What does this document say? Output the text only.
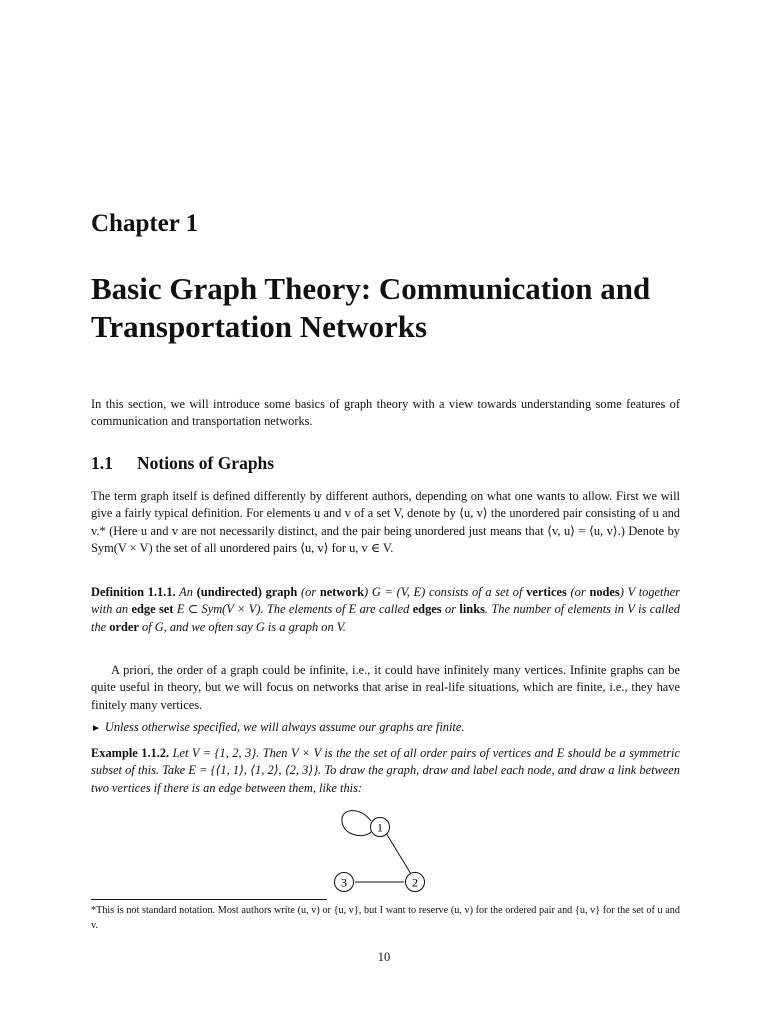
Chapter 1
Basic Graph Theory: Communication and Transportation Networks
In this section, we will introduce some basics of graph theory with a view towards understanding some features of communication and transportation networks.
1.1 Notions of Graphs
The term graph itself is defined differently by different authors, depending on what one wants to allow. First we will give a fairly typical definition. For elements u and v of a set V, denote by ⟨u, v⟩ the unordered pair consisting of u and v.* (Here u and v are not necessarily distinct, and the pair being unordered just means that ⟨v, u⟩ = ⟨u, v⟩.) Denote by Sym(V × V) the set of all unordered pairs ⟨u, v⟩ for u, v ∈ V.
Definition 1.1.1. An (undirected) graph (or network) G = (V, E) consists of a set of vertices (or nodes) V together with an edge set E ⊂ Sym(V × V). The elements of E are called edges or links. The number of elements in V is called the order of G, and we often say G is a graph on V.
A priori, the order of a graph could be infinite, i.e., it could have infinitely many vertices. Infinite graphs can be quite useful in theory, but we will focus on networks that arise in real-life situations, which are finite, i.e., they have finitely many vertices.
► Unless otherwise specified, we will always assume our graphs are finite.
Example 1.1.2. Let V = {1, 2, 3}. Then V × V is the the set of all order pairs of vertices and E should be a symmetric subset of this. Take E = {⟨1, 1⟩, ⟨1, 2⟩, ⟨2, 3⟩}. To draw the graph, draw and label each node, and draw a link between two vertices if there is an edge between them, like this:
1
2
3
*This is not standard notation. Most authors write (u, v) or {u, v}, but I want to reserve (u, v) for the ordered pair and {u, v} for the set of u and v.
10
